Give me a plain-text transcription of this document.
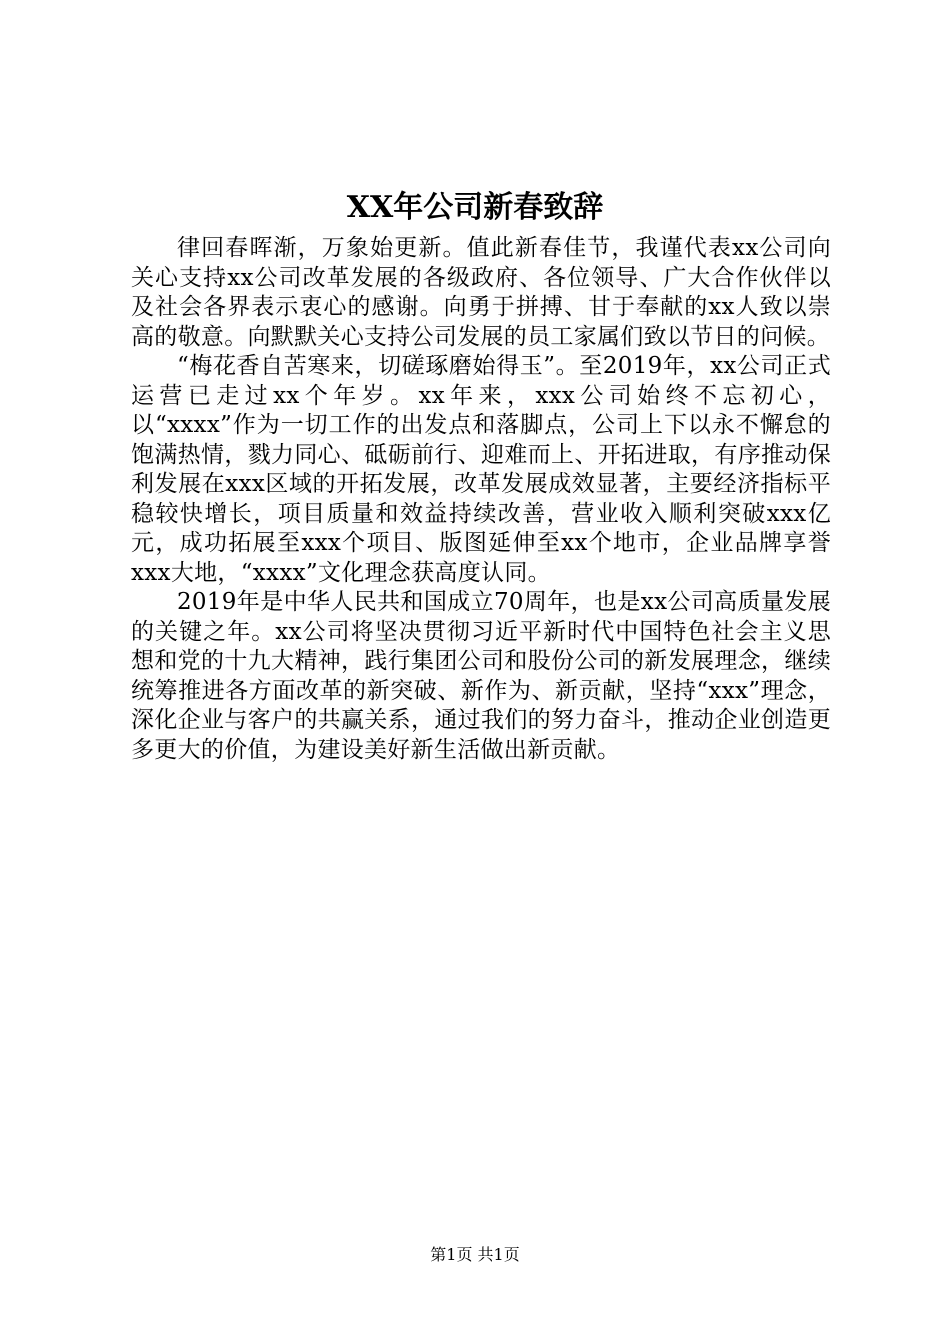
XX年公司新春致辞

律回春晖渐，万象始更新。值此新春佳节，我谨代表xx公司向关心支持xx公司改革发展的各级政府、各位领导、广大合作伙伴以及社会各界表示衷心的感谢。向勇于拼搏、甘于奉献的xx人致以崇高的敬意。向默默关心支持公司发展的员工家属们致以节日的问候。

“梅花香自苦寒来，切磋琢磨始得玉”。至2019年，xx公司正式运营已走过xx个年岁。xx年来，xxx公司始终不忘初心，以“xxxx”作为一切工作的出发点和落脚点，公司上下以永不懈怠的饱满热情，戮力同心、砥砺前行、迎难而上、开拓进取，有序推动保利发展在xxx区域的开拓发展，改革发展成效显著，主要经济指标平稳较快增长，项目质量和效益持续改善，营业收入顺利突破xxx亿元，成功拓展至xxx个项目、版图延伸至xx个地市，企业品牌享誉xxx大地，“xxxx”文化理念获高度认同。

2019年是中华人民共和国成立70周年，也是xx公司高质量发展的关键之年。xx公司将坚决贯彻习近平新时代中国特色社会主义思想和党的十九大精神，践行集团公司和股份公司的新发展理念，继续统筹推进各方面改革的新突破、新作为、新贡献，坚持“xxx”理念，深化企业与客户的共赢关系，通过我们的努力奋斗，推动企业创造更多更大的价值，为建设美好新生活做出新贡献。

第1页 共1页
